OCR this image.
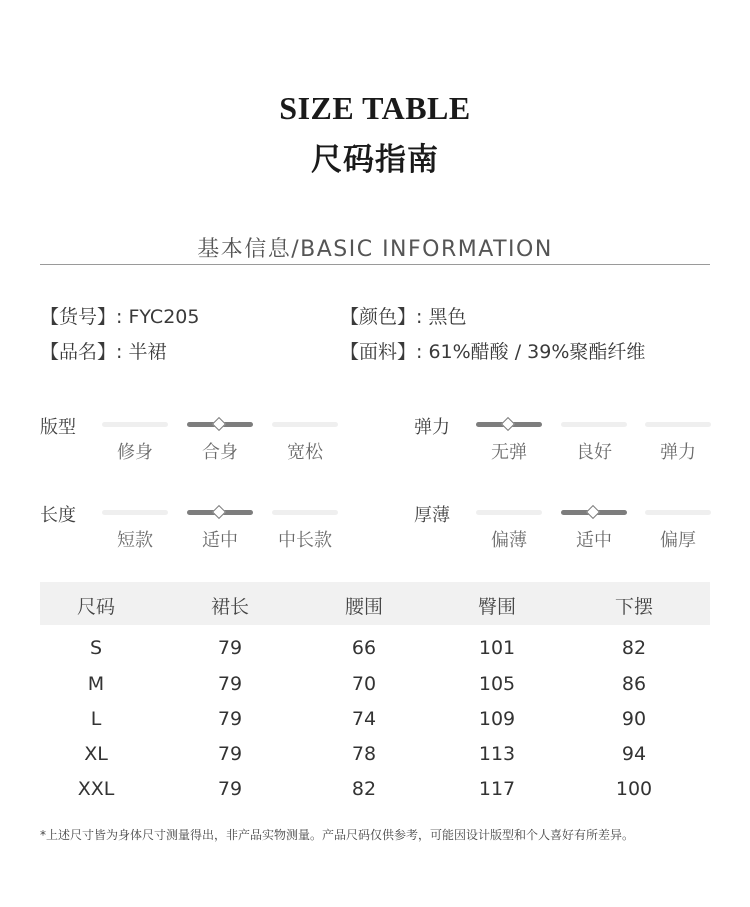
SIZE TABLE
尺码指南
基本信息/BASIC INFORMATION
【货号】: FYC205	【颜色】: 黑色
【品名】: 半裙	【面料】: 61%醋酸 / 39%聚酯纤维
版型
修身	合身	宽松
弹力
无弹	良好	弹力
长度
短款	适中	中长款
厚薄
偏薄	适中	偏厚
尺码	裙长	腰围	臀围	下摆
S	79	66	101	82
M	79	70	105	86
L	79	74	109	90
XL	79	78	113	94
XXL	79	82	117	100
*上述尺寸皆为身体尺寸测量得出，非产品实物测量。产品尺码仅供参考，可能因设计版型和个人喜好有所差异。
